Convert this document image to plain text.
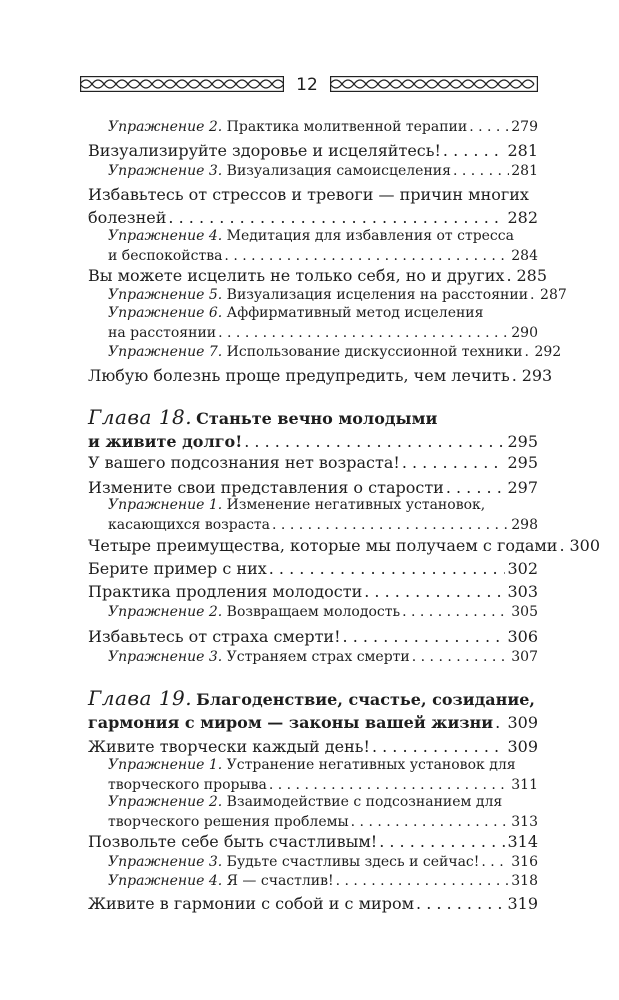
12
Упражнение 2. Практика молитвенной терапии . . .	279
Визуализируйте здоровье и исцеляйтесь! . . .	281
Упражнение 3. Визуализация самоисцеления . . .	281
Избавьтесь от стрессов и тревоги — причин многих
болезней . . .	282
Упражнение 4. Медитация для избавления от стресса
и беспокойства . . .	284
Вы можете исцелить не только себя, но и других . . . 285
Упражнение 5. Визуализация исцеления на расстоянии . . . 287
Упражнение 6. Аффирмативный метод исцеления
на расстоянии . . .	290
Упражнение 7. Использование дискуссионной техники . . . 292
Любую болезнь проще предупредить, чем лечить . . . 293
Глава 18. Станьте вечно молодыми
и живите долго! . . .	295
У вашего подсознания нет возраста! . . .	295
Измените свои представления о старости . . .	297
Упражнение 1. Изменение негативных установок,
касающихся возраста . . .	298
Четыре преимущества, которые мы получаем с годами . . . 300
Берите пример с них . . .	302
Практика продления молодости . . .	303
Упражнение 2. Возвращаем молодость . . .	305
Избавьтесь от страха смерти! . . .	306
Упражнение 3. Устраняем страх смерти . . .	307
Глава 19. Благоденствие, счастье, созидание,
гармония с миром — законы вашей жизни . . . 309
Живите творчески каждый день! . . .	309
Упражнение 1. Устранение негативных установок для
творческого прорыва . . .	311
Упражнение 2. Взаимодействие с подсознанием для
творческого решения проблемы . . .	313
Позвольте себе быть счастливым! . . .	314
Упражнение 3. Будьте счастливы здесь и сейчас! . . . 316
Упражнение 4. Я — счастлив! . . .	318
Живите в гармонии с собой и с миром . . .	319
